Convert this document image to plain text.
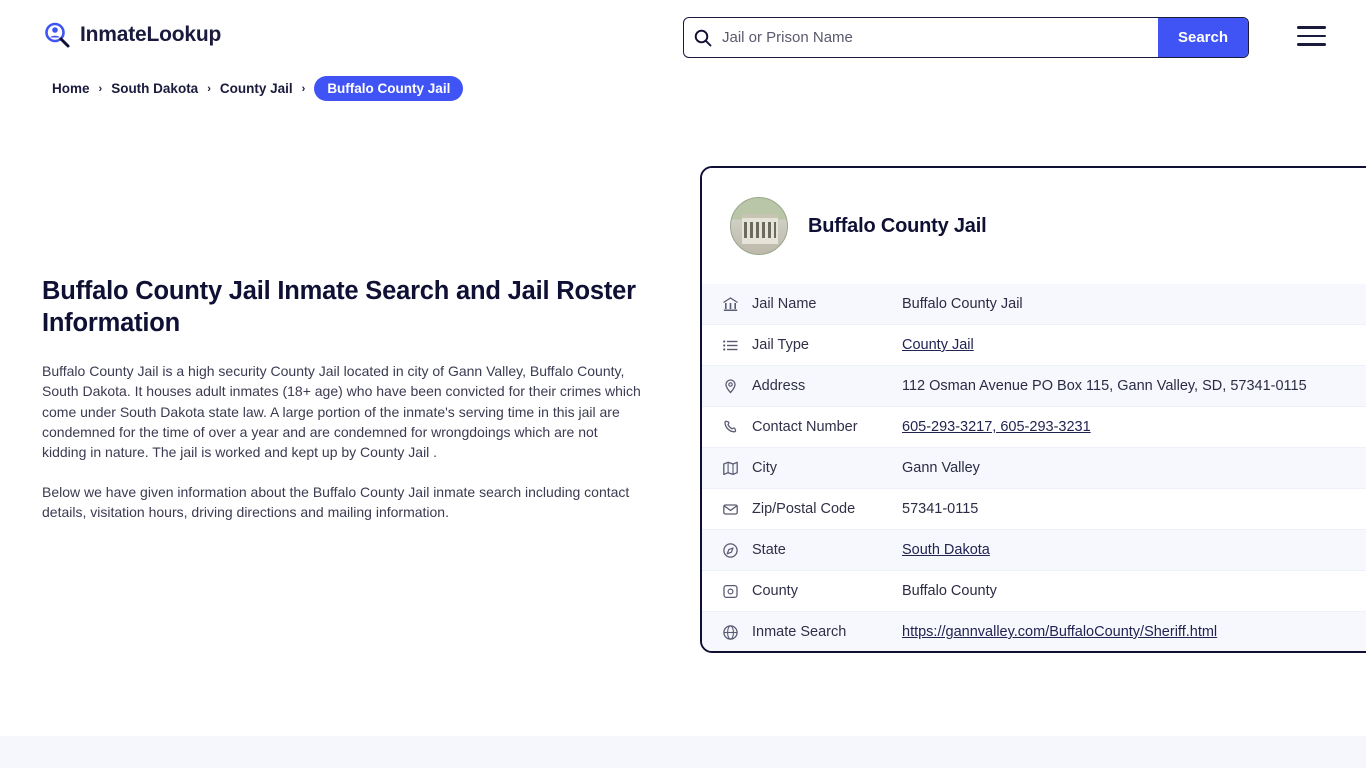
InmateLookup
Jail or Prison Name	Search
Home › South Dakota › County Jail ›	Buffalo County Jail
Buffalo County Jail Inmate Search and Jail Roster Information

Buffalo County Jail is a high security County Jail located in city of Gann Valley, Buffalo County, South Dakota. It houses adult inmates (18+ age) who have been convicted for their crimes which come under South Dakota state law. A large portion of the inmate's serving time in this jail are condemned for the time of over a year and are condemned for wrongdoings which are not kidding in nature. The jail is worked and kept up by County Jail .

Below we have given information about the Buffalo County Jail inmate search including contact details, visitation hours, driving directions and mailing information.

Buffalo County Jail
Jail Name	Buffalo County Jail
Jail Type	County Jail
Address	112 Osman Avenue PO Box 115, Gann Valley, SD, 57341-0115
Contact Number	605-293-3217, 605-293-3231
City	Gann Valley
Zip/Postal Code	57341-0115
State	South Dakota
County	Buffalo County
Inmate Search	https://gannvalley.com/BuffaloCounty/Sheriff.html
